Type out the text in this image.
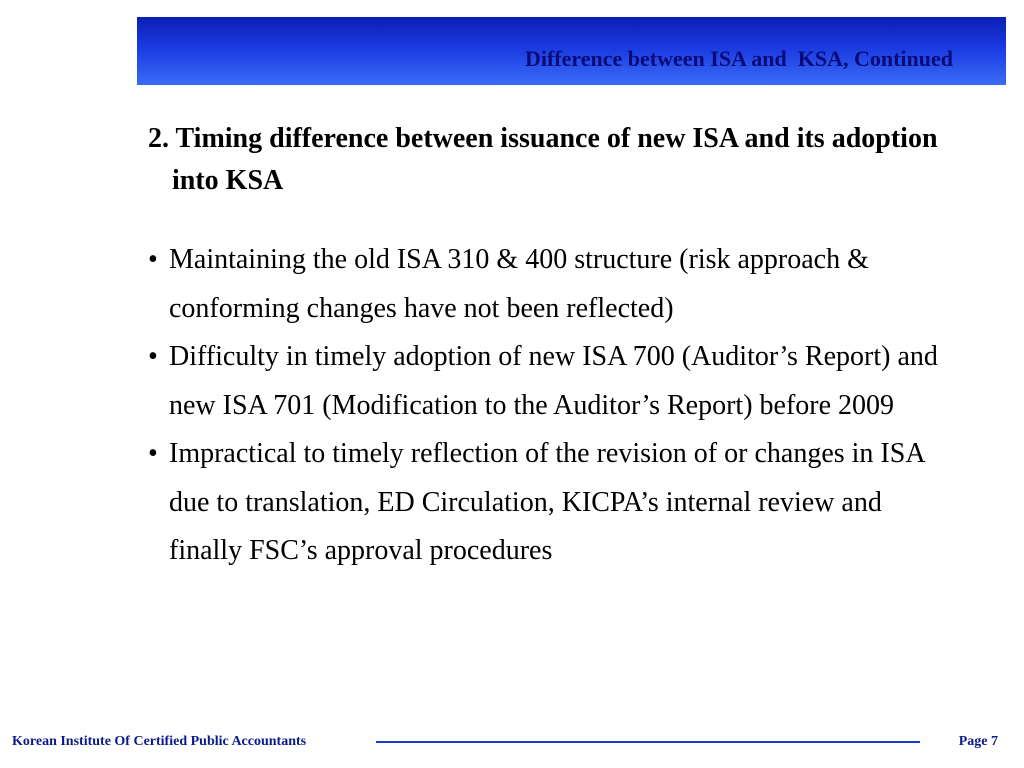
Difference between ISA and  KSA, Continued

2. Timing difference between issuance of new ISA and its adoption into KSA

• Maintaining the old ISA 310 & 400 structure (risk approach & conforming changes have not been reflected)
• Difficulty in timely adoption of new ISA 700 (Auditor’s Report) and new ISA 701 (Modification to the Auditor’s Report) before 2009
• Impractical to timely reflection of the revision of or changes in ISA due to translation, ED Circulation, KICPA’s internal review and finally FSC’s approval procedures
Korean Institute Of Certified Public Accountants	Page 7
